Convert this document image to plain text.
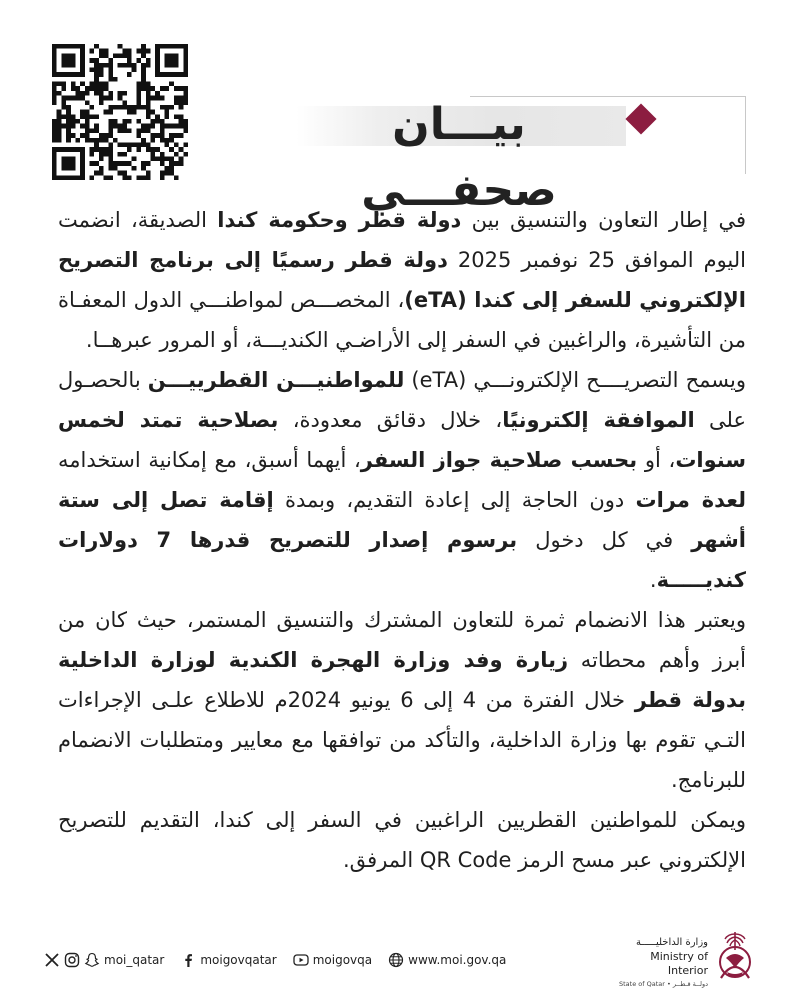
بيـــان صحفـــي

في إطار التعاون والتنسيق بين دولة قطر وحكومة كندا الصديقة، انضمت اليوم الموافق 25 نوفمبر 2025 دولة قطر رسميًا إلى برنامج التصريح الإلكتروني للسفر إلى كندا (eTA)، المخصـــص لمواطنـــي الدول المعفـاة من التأشيرة، والراغبين في السفر إلى الأراضـي الكنديـــة، أو المرور عبرهــا.

ويسمح التصريــــح الإلكترونـــي (eTA) للمواطنيـــن القطرييـــن بالحصـول على الموافقة إلكترونيًا، خلال دقائق معدودة، بصلاحية تمتد لخمس سنوات، أو بحسب صلاحية جواز السفر، أيهما أسبق، مع إمكانية استخدامه لعدة مرات دون الحاجة إلى إعادة التقديم، وبمدة إقامة تصل إلى ستة أشهر في كل دخول برسوم إصدار للتصريح قدرها 7 دولارات كنديـــــة.

ويعتبر هذا الانضمام ثمرة للتعاون المشترك والتنسيق المستمر، حيث كان من أبرز وأهم محطاته زيارة وفد وزارة الهجرة الكندية لوزارة الداخلية بدولة قطر خلال الفترة من 4 إلى 6 يونيو 2024م للاطلاع علـى الإجراءات التـي تقوم بها وزارة الداخلية، والتأكد من توافقها مع معايير ومتطلبات الانضمام للبرنامج.

ويمكن للمواطنين القطريين الراغبين في السفر إلى كندا، التقديم للتصريح الإلكتروني عبر مسح الرمز QR Code المرفق.

moi_qatar	moigovqatar	moigovqa	www.moi.gov.qa
وزارة الداخليـــــة
Ministry of Interior
State of Qatar • دولــة قـطــر
